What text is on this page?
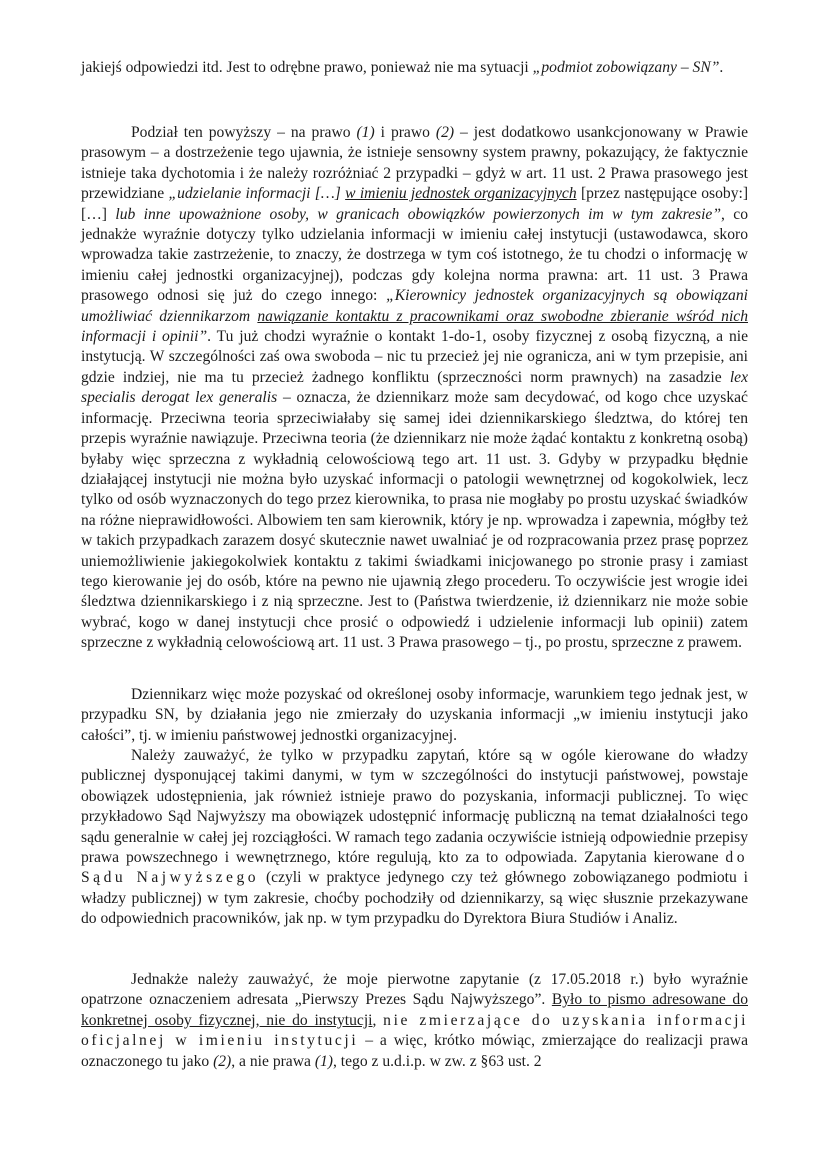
jakiejś odpowiedzi itd. Jest to odrębne prawo, ponieważ nie ma sytuacji „podmiot zobowiązany – SN”.

Podział ten powyższy – na prawo (1) i prawo (2) – jest dodatkowo usankcjonowany w Prawie prasowym – a dostrzeżenie tego ujawnia, że istnieje sensowny system prawny, pokazujący, że faktycznie istnieje taka dychotomia i że należy rozróżniać 2 przypadki – gdyż w art. 11 ust. 2 Prawa prasowego jest przewidziane „udzielanie informacji […] w imieniu jednostek organizacyjnych [przez następujące osoby:] […] lub inne upoważnione osoby, w granicach obowiązków powierzonych im w tym zakresie”, co jednakże wyraźnie dotyczy tylko udzielania informacji w imieniu całej instytucji (ustawodawca, skoro wprowadza takie zastrzeżenie, to znaczy, że dostrzega w tym coś istotnego, że tu chodzi o informację w imieniu całej jednostki organizacyjnej), podczas gdy kolejna norma prawna: art. 11 ust. 3 Prawa prasowego odnosi się już do czego innego: „Kierownicy jednostek organizacyjnych są obowiązani umożliwiać dziennikarzom nawiązanie kontaktu z pracownikami oraz swobodne zbieranie wśród nich informacji i opinii”. Tu już chodzi wyraźnie o kontakt 1-do-1, osoby fizycznej z osobą fizyczną, a nie instytucją. W szczególności zaś owa swoboda – nic tu przecież jej nie ogranicza, ani w tym przepisie, ani gdzie indziej, nie ma tu przecież żadnego konfliktu (sprzeczności norm prawnych) na zasadzie lex specialis derogat lex generalis – oznacza, że dziennikarz może sam decydować, od kogo chce uzyskać informację. Przeciwna teoria sprzeciwiałaby się samej idei dziennikarskiego śledztwa, do której ten przepis wyraźnie nawiązuje. Przeciwna teoria (że dziennikarz nie może żądać kontaktu z konkretną osobą) byłaby więc sprzeczna z wykładnią celowościową tego art. 11 ust. 3. Gdyby w przypadku błędnie działającej instytucji nie można było uzyskać informacji o patologii wewnętrznej od kogokolwiek, lecz tylko od osób wyznaczonych do tego przez kierownika, to prasa nie mogłaby po prostu uzyskać świadków na różne nieprawidłowości. Albowiem ten sam kierownik, który je np. wprowadza i zapewnia, mógłby też w takich przypadkach zarazem dosyć skutecznie nawet uwalniać je od rozpracowania przez prasę poprzez uniemożliwienie jakiegokolwiek kontaktu z takimi świadkami inicjowanego po stronie prasy i zamiast tego kierowanie jej do osób, które na pewno nie ujawnią złego procederu. To oczywiście jest wrogie idei śledztwa dziennikarskiego i z nią sprzeczne. Jest to (Państwa twierdzenie, iż dziennikarz nie może sobie wybrać, kogo w danej instytucji chce prosić o odpowiedź i udzielenie informacji lub opinii) zatem sprzeczne z wykładnią celowościową art. 11 ust. 3 Prawa prasowego – tj., po prostu, sprzeczne z prawem.

Dziennikarz więc może pozyskać od określonej osoby informacje, warunkiem tego jednak jest, w przypadku SN, by działania jego nie zmierzały do uzyskania informacji „w imieniu instytucji jako całości”, tj. w imieniu państwowej jednostki organizacyjnej.

Należy zauważyć, że tylko w przypadku zapytań, które są w ogóle kierowane do władzy publicznej dysponującej takimi danymi, w tym w szczególności do instytucji państwowej, powstaje obowiązek udostępnienia, jak również istnieje prawo do pozyskania, informacji publicznej. To więc przykładowo Sąd Najwyższy ma obowiązek udostępnić informację publiczną na temat działalności tego sądu generalnie w całej jej rozciągłości. W ramach tego zadania oczywiście istnieją odpowiednie przepisy prawa powszechnego i wewnętrznego, które regulują, kto za to odpowiada. Zapytania kierowane do Sądu Najwyższego (czyli w praktyce jedynego czy też głównego zobowiązanego podmiotu i władzy publicznej) w tym zakresie, choćby pochodziły od dziennikarzy, są więc słusznie przekazywane do odpowiednich pracowników, jak np. w tym przypadku do Dyrektora Biura Studiów i Analiz.

Jednakże należy zauważyć, że moje pierwotne zapytanie (z 17.05.2018 r.) było wyraźnie opatrzone oznaczeniem adresata „Pierwszy Prezes Sądu Najwyższego”. Było to pismo adresowane do konkretnej osoby fizycznej, nie do instytucji, nie zmierzające do uzyskania informacji oficjalnej w imieniu instytucji – a więc, krótko mówiąc, zmierzające do realizacji prawa oznaczonego tu jako (2), a nie prawa (1), tego z u.d.i.p. w zw. z §63 ust. 2
